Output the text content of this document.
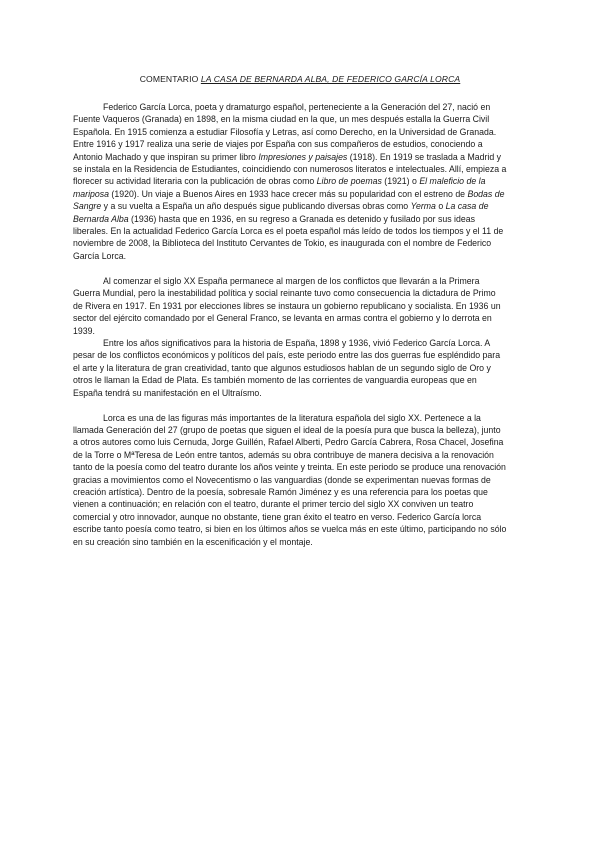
COMENTARIO LA CASA DE BERNARDA ALBA, DE FEDERICO GARCÍA LORCA

Federico García Lorca, poeta y dramaturgo español, perteneciente a la Generación del 27, nació en Fuente Vaqueros (Granada) en 1898, en la misma ciudad en la que, un mes después estalla la Guerra Civil Española. En 1915 comienza a estudiar Filosofía y Letras, así como Derecho, en la Universidad de Granada. Entre 1916 y 1917 realiza una serie de viajes por España con sus compañeros de estudios, conociendo a Antonio Machado y que inspiran su primer libro Impresiones y paisajes (1918). En 1919 se traslada a Madrid y se instala en la Residencia de Estudiantes, coincidiendo con numerosos literatos e intelectuales. Allí, empieza a florecer su actividad literaria con la publicación de obras como Libro de poemas (1921) o El maleficio de la mariposa (1920). Un viaje a Buenos Aires en 1933 hace crecer más su popularidad con el estreno de Bodas de Sangre y a su vuelta a España un año después sigue publicando diversas obras como Yerma o La casa de Bernarda Alba (1936) hasta que en 1936, en su regreso a Granada es detenido y fusilado por sus ideas liberales. En la actualidad Federico García Lorca es el poeta español más leído de todos los tiempos y el 11 de noviembre de 2008, la Biblioteca del Instituto Cervantes de Tokio, es inaugurada con el nombre de Federico García Lorca.

Al comenzar el siglo XX España permanece al margen de los conflictos que llevarán a la Primera Guerra Mundial, pero la inestabilidad política y social reinante tuvo como consecuencia la dictadura de Primo de Rivera en 1917. En 1931 por elecciones libres se instaura un gobierno republicano y socialista. En 1936 un sector del ejército comandado por el General Franco, se levanta en armas contra el gobierno y lo derrota en 1939.

Entre los años significativos para la historia de España, 1898 y 1936, vivió Federico García Lorca. A pesar de los conflictos económicos y políticos del país, este periodo entre las dos guerras fue espléndido para el arte y la literatura de gran creatividad, tanto que algunos estudiosos hablan de un segundo siglo de Oro y otros le llaman la Edad de Plata. Es también momento de las corrientes de vanguardia europeas que en España tendrá su manifestación en el Ultraísmo.

Lorca es una de las figuras más importantes de la literatura española del siglo XX. Pertenece a la llamada Generación del 27 (grupo de poetas que siguen el ideal de la poesía pura que busca la belleza), junto a otros autores como luis Cernuda, Jorge Guillén, Rafael Alberti, Pedro García Cabrera, Rosa Chacel, Josefina de la Torre o MªTeresa de León entre tantos, además su obra contribuye de manera decisiva a la renovación tanto de la poesía como del teatro durante los años veinte y treinta. En este periodo se produce una renovación gracias a movimientos como el Novecentismo o las vanguardias (donde se experimentan nuevas formas de creación artística). Dentro de la poesía, sobresale Ramón Jiménez y es una referencia para los poetas que vienen a continuación; en relación con el teatro, durante el primer tercio del siglo XX conviven un teatro comercial y otro innovador, aunque no obstante, tiene gran éxito el teatro en verso. Federico García lorca escribe tanto poesía como teatro, si bien en los últimos años se vuelca más en este último, participando no sólo en su creación sino también en la escenificación y el montaje.
